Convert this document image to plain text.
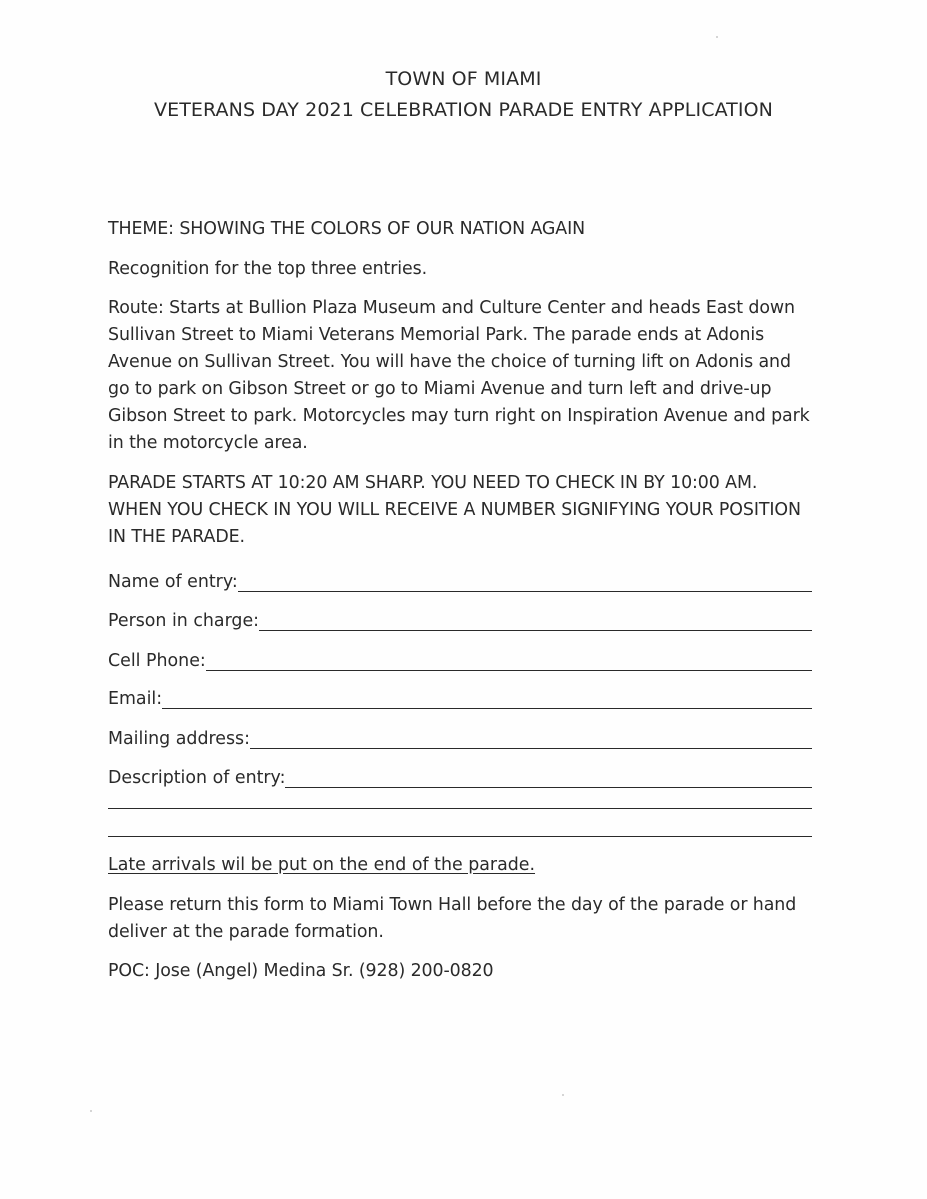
TOWN OF MIAMI
VETERANS DAY 2021 CELEBRATION PARADE ENTRY APPLICATION
THEME: SHOWING THE COLORS OF OUR NATION AGAIN
Recognition for the top three entries.
Route: Starts at Bullion Plaza Museum and Culture Center and heads East down
Sullivan Street to Miami Veterans Memorial Park. The parade ends at Adonis
Avenue on Sullivan Street. You will have the choice of turning lift on Adonis and
go to park on Gibson Street or go to Miami Avenue and turn left and drive-up
Gibson Street to park. Motorcycles may turn right on Inspiration Avenue and park
in the motorcycle area.
PARADE STARTS AT 10:20 AM SHARP. YOU NEED TO CHECK IN BY 10:00 AM.
WHEN YOU CHECK IN YOU WILL RECEIVE A NUMBER SIGNIFYING YOUR POSITION
IN THE PARADE.
Name of entry:
Person in charge:
Cell Phone:
Email:
Mailing address:
Description of entry:
Late arrivals wil be put on the end of the parade.
Please return this form to Miami Town Hall before the day of the parade or hand
deliver at the parade formation.
POC: Jose (Angel) Medina Sr. (928) 200-0820
